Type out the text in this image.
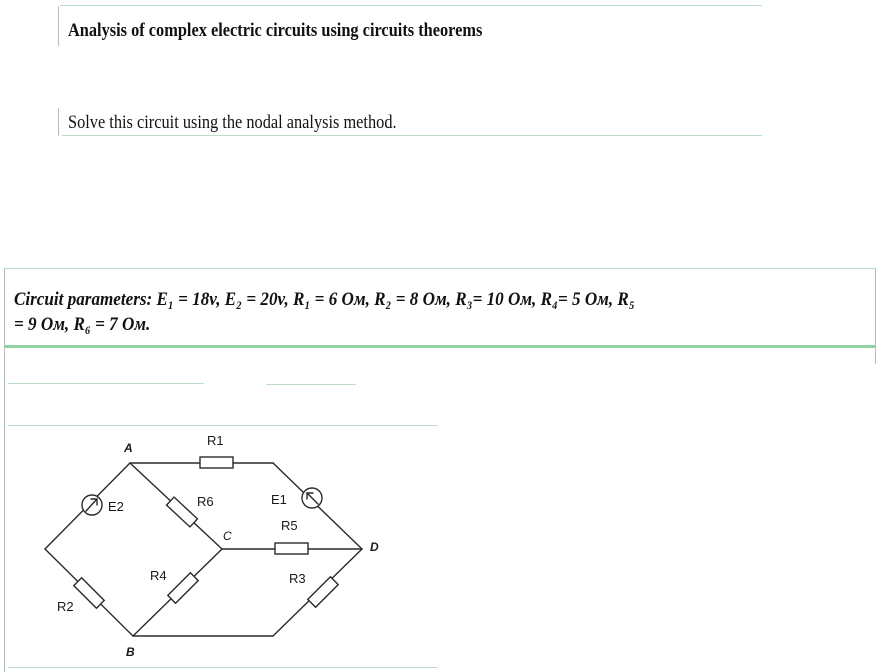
Analysis of complex electric circuits using circuits theorems
Solve this circuit using the nodal analysis method.
Circuit parameters: E₁ = 18v, E₂ = 20v, R₁ = 6 Ом, R₂ = 8 Ом, R₃= 10 Ом, R₄= 5 Ом, R₅
= 9 Ом, R₆ = 7 Ом.
A
B
C
D
R1
R2
R3
R4
R5
R6	E1
E2
